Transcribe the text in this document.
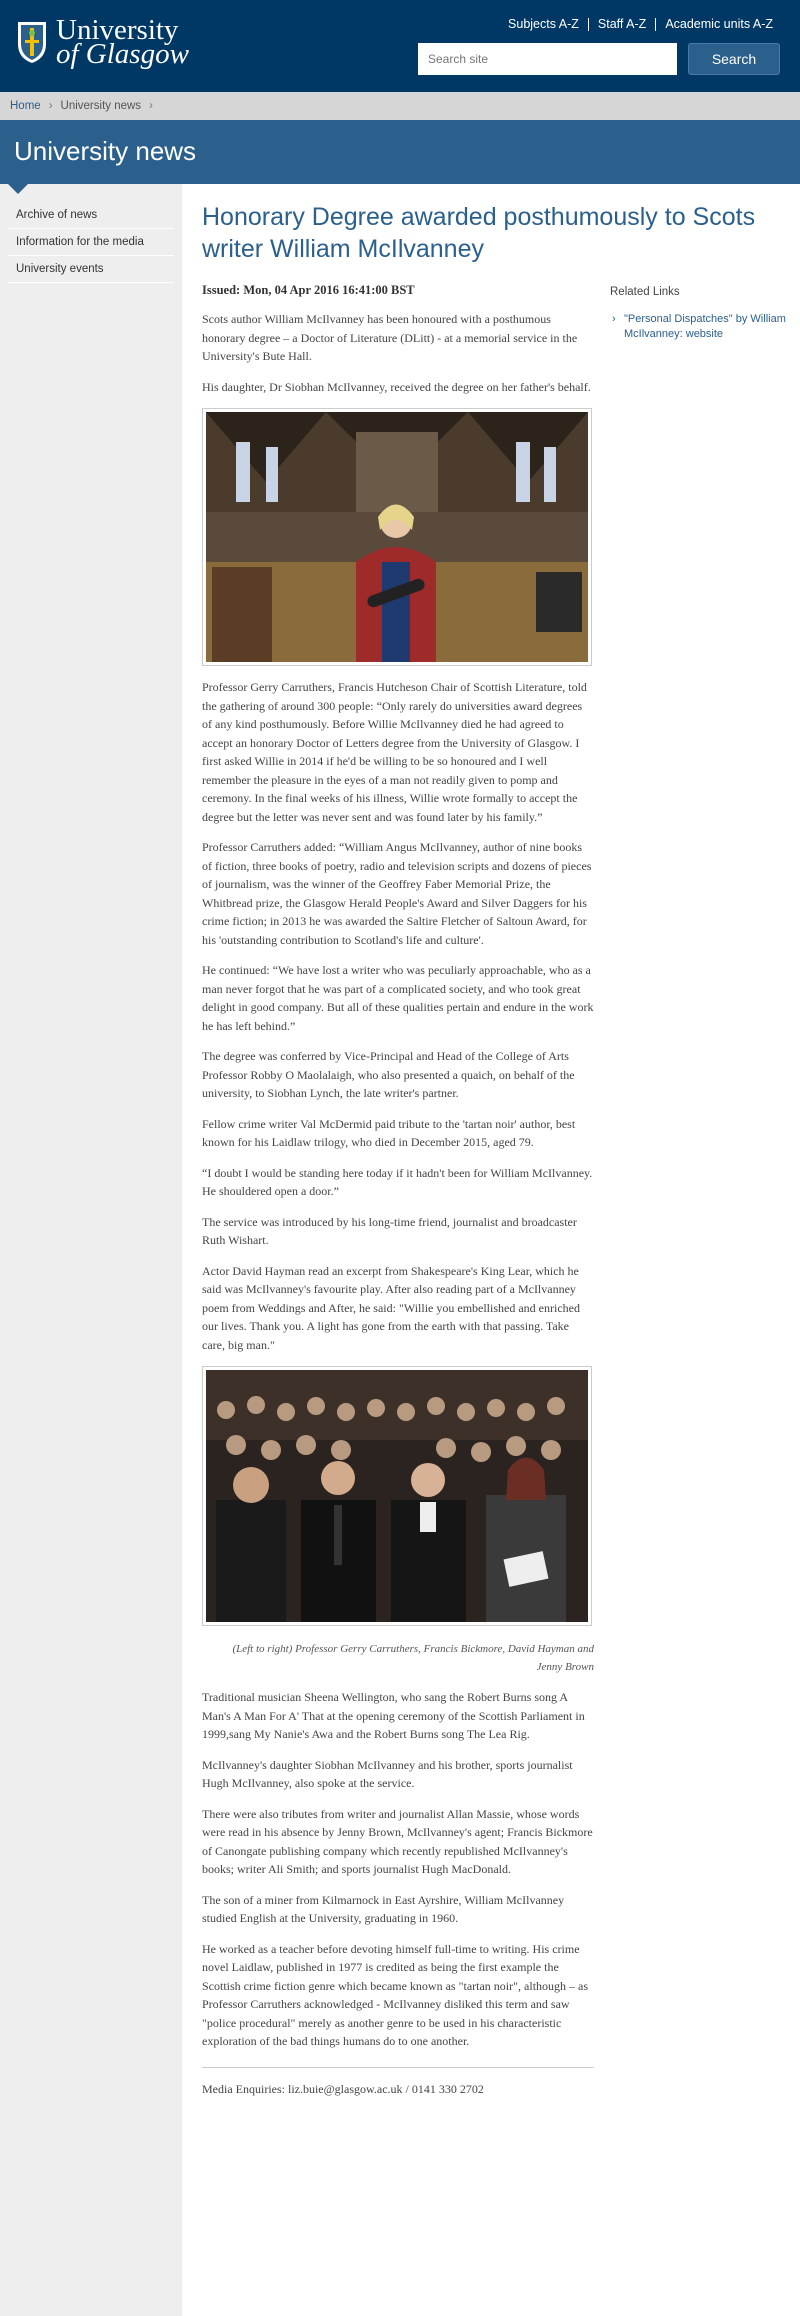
University
of Glasgow
Subjects A-Z	Staff A-Z	Academic units A-Z
Search site
Search
Home › University news ›
University news
Archive of news
Information for the media
University events
Honorary Degree awarded posthumously to Scots writer William McIlvanney
Issued: Mon, 04 Apr 2016 16:41:00 BST

Scots author William McIlvanney has been honoured with a posthumous honorary degree – a Doctor of Literature (DLitt) - at a memorial service in the University's Bute Hall.

His daughter, Dr Siobhan McIlvanney, received the degree on her father's behalf.

Professor Gerry Carruthers, Francis Hutcheson Chair of Scottish Literature, told the gathering of around 300 people: “Only rarely do universities award degrees of any kind posthumously. Before Willie McIlvanney died he had agreed to accept an honorary Doctor of Letters degree from the University of Glasgow. I first asked Willie in 2014 if he'd be willing to be so honoured and I well remember the pleasure in the eyes of a man not readily given to pomp and ceremony. In the final weeks of his illness, Willie wrote formally to accept the degree but the letter was never sent and was found later by his family.”

Professor Carruthers added: “William Angus McIlvanney, author of nine books of fiction, three books of poetry, radio and television scripts and dozens of pieces of journalism, was the winner of the Geoffrey Faber Memorial Prize, the Whitbread prize, the Glasgow Herald People's Award and Silver Daggers for his crime fiction; in 2013 he was awarded the Saltire Fletcher of Saltoun Award, for his 'outstanding contribution to Scotland's life and culture'.

He continued: “We have lost a writer who was peculiarly approachable, who as a man never forgot that he was part of a complicated society, and who took great delight in good company. But all of these qualities pertain and endure in the work he has left behind.”

The degree was conferred by Vice-Principal and Head of the College of Arts Professor Robby O Maolalaigh, who also presented a quaich, on behalf of the university, to Siobhan Lynch, the late writer's partner.

Fellow crime writer Val McDermid paid tribute to the 'tartan noir' author, best known for his Laidlaw trilogy, who died in December 2015, aged 79.

“I doubt I would be standing here today if it hadn't been for William McIlvanney. He shouldered open a door.”

The service was introduced by his long-time friend, journalist and broadcaster Ruth Wishart.

Actor David Hayman read an excerpt from Shakespeare's King Lear, which he said was McIlvanney's favourite play. After also reading part of a McIlvanney poem from Weddings and After, he said: "Willie you embellished and enriched our lives. Thank you. A light has gone from the earth with that passing. Take care, big man."

(Left to right) Professor Gerry Carruthers, Francis Bickmore, David Hayman and Jenny Brown

Traditional musician Sheena Wellington, who sang the Robert Burns song A Man's A Man For A' That at the opening ceremony of the Scottish Parliament in 1999,sang My Nanie's Awa and the Robert Burns song The Lea Rig.

McIlvanney's daughter Siobhan McIlvanney and his brother, sports journalist Hugh McIlvanney, also spoke at the service.

There were also tributes from writer and journalist Allan Massie, whose words were read in his absence by Jenny Brown, McIlvanney's agent; Francis Bickmore of Canongate publishing company which recently republished McIlvanney's books; writer Ali Smith; and sports journalist Hugh MacDonald.

The son of a miner from Kilmarnock in East Ayrshire, William McIlvanney studied English at the University, graduating in 1960.

He worked as a teacher before devoting himself full-time to writing. His crime novel Laidlaw, published in 1977 is credited as being the first example the Scottish crime fiction genre which became known as "tartan noir", although – as Professor Carruthers acknowledged - McIlvanney disliked this term and saw "police procedural" merely as another genre to be used in his characteristic exploration of the bad things humans do to one another.

Media Enquiries: liz.buie@glasgow.ac.uk / 0141 330 2702
Related Links
› "Personal Dispatches" by William McIlvanney: website
